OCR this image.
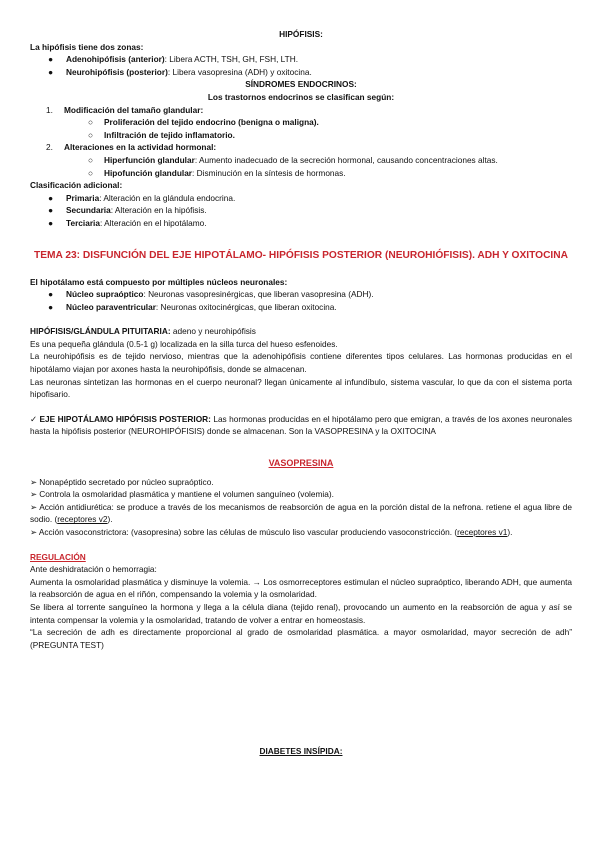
HIPÓFISIS:

La hipófisis tiene dos zonas:

●	Adenohipófisis (anterior): Libera ACTH, TSH, GH, FSH, LTH.
●	Neurohipófisis (posterior): Libera vasopresina (ADH) y oxitocina.

SÍNDROMES ENDOCRINOS:

Los trastornos endocrinos se clasifican según:

1.	Modificación del tamaño glandular:
○	Proliferación del tejido endocrino (benigna o maligna).
○	Infiltración de tejido inflamatorio.
2.	Alteraciones en la actividad hormonal:
○	Hiperfunción glandular: Aumento inadecuado de la secreción hormonal, causando concentraciones altas.
○	Hipofunción glandular: Disminución en la síntesis de hormonas.

Clasificación adicional:

●	Primaria: Alteración en la glándula endocrina.
●	Secundaria: Alteración en la hipófisis.
●	Terciaria: Alteración en el hipotálamo.

TEMA 23: DISFUNCIÓN DEL EJE HIPOTÁLAMO- HIPÓFISIS POSTERIOR (NEUROHIÓFISIS). ADH Y OXITOCINA

El hipotálamo está compuesto por múltiples núcleos neuronales:

●	Núcleo supraóptico: Neuronas vasopresinérgicas, que liberan vasopresina (ADH).
●	Núcleo paraventricular: Neuronas oxitocinérgicas, que liberan oxitocina.

HIPÓFISIS/GLÁNDULA PITUITARIA: adeno y neurohipófisis

Es una pequeña glándula (0.5-1 g) localizada en la silla turca del hueso esfenoides.

La neurohipófisis es de tejido nervioso, mientras que la adenohipófisis contiene diferentes tipos celulares. Las hormonas producidas en el hipotálamo viajan por axones hasta la neurohipófisis, donde se almacenan.

Las neuronas sintetizan las hormonas en el cuerpo neuronal? llegan únicamente al infundíbulo, sistema vascular, lo que da con el sistema porta hipofisario.

✓ EJE HIPOTÁLAMO HIPÓFISIS POSTERIOR: Las hormonas producidas en el hipotálamo pero que emigran, a través de los axones neuronales hasta la hipófisis posterior (NEUROHIPÓFISIS) donde se almacenan. Son la VASOPRESINA y la OXITOCINA

VASOPRESINA

➢ Nonapéptido secretado por núcleo supraóptico.

➢ Controla la osmolaridad plasmática y mantiene el volumen sanguíneo (volemia).

➢ Acción antidiurética: se produce a través de los mecanismos de reabsorción de agua en la porción distal de la nefrona. retiene el agua libre de sodio. (receptores v2).

➢ Acción vasoconstrictora: (vasopresina) sobre las células de músculo liso vascular produciendo vasoconstricción. (receptores v1).

REGULACIÓN

Ante deshidratación o hemorragia:

Aumenta la osmolaridad plasmática y disminuye la volemia. → Los osmorreceptores estimulan el núcleo supraóptico, liberando ADH, que aumenta la reabsorción de agua en el riñón, compensando la volemia y la osmolaridad.

Se libera al torrente sanguíneo la hormona y llega a la célula diana (tejido renal), provocando un aumento en la reabsorción de agua y así se intenta compensar la volemia y la osmolaridad, tratando de volver a entrar en homeostasis.

“La secreción de adh es directamente proporcional al grado de osmolaridad plasmática. a mayor osmolaridad, mayor secreción de adh” (PREGUNTA TEST)

DIABETES INSÍPIDA:
